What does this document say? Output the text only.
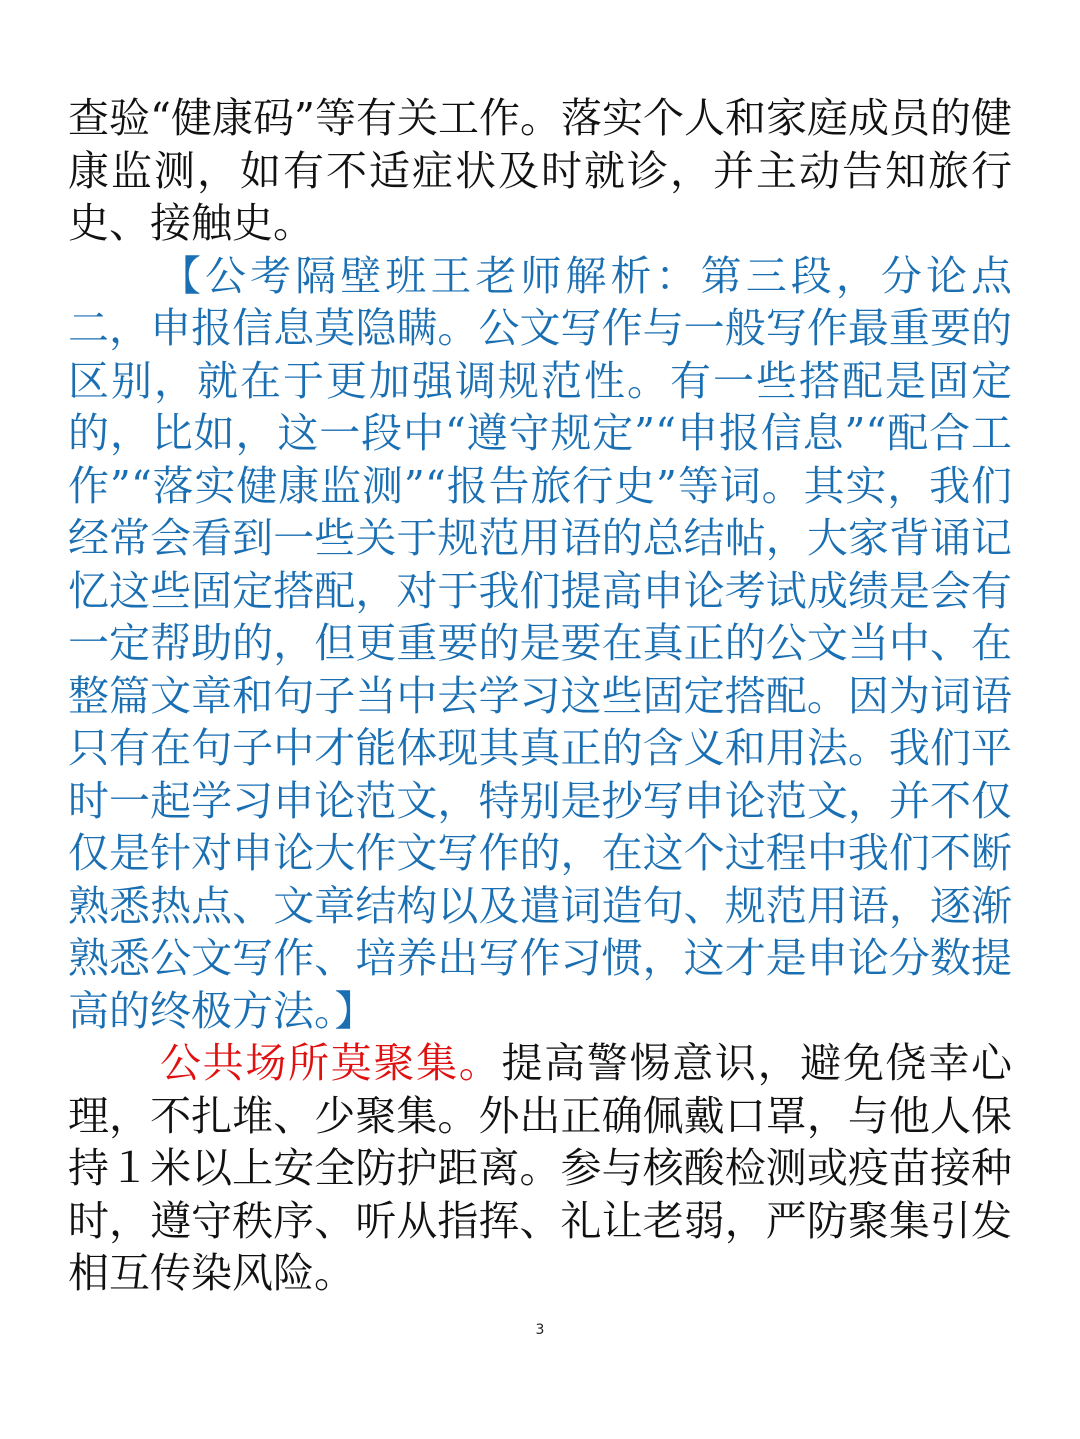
查验“健康码”等有关工作。落实个人和家庭成员的健康监测，如有不适症状及时就诊，并主动告知旅行史、接触史。

【公考隔壁班王老师解析：第三段，分论点二，申报信息莫隐瞒。公文写作与一般写作最重要的区别，就在于更加强调规范性。有一些搭配是固定的，比如，这一段中“遵守规定”“申报信息”“配合工作”“落实健康监测”“报告旅行史”等词。其实，我们经常会看到一些关于规范用语的总结帖，大家背诵记忆这些固定搭配，对于我们提高申论考试成绩是会有一定帮助的，但更重要的是要在真正的公文当中、在整篇文章和句子当中去学习这些固定搭配。因为词语只有在句子中才能体现其真正的含义和用法。我们平时一起学习申论范文，特别是抄写申论范文，并不仅仅是针对申论大作文写作的，在这个过程中我们不断熟悉热点、文章结构以及遣词造句、规范用语，逐渐熟悉公文写作、培养出写作习惯，这才是申论分数提高的终极方法。】

公共场所莫聚集。提高警惕意识，避免侥幸心理，不扎堆、少聚集。外出正确佩戴口罩，与他人保持１米以上安全防护距离。参与核酸检测或疫苗接种时，遵守秩序、听从指挥、礼让老弱，严防聚集引发相互传染风险。

3
